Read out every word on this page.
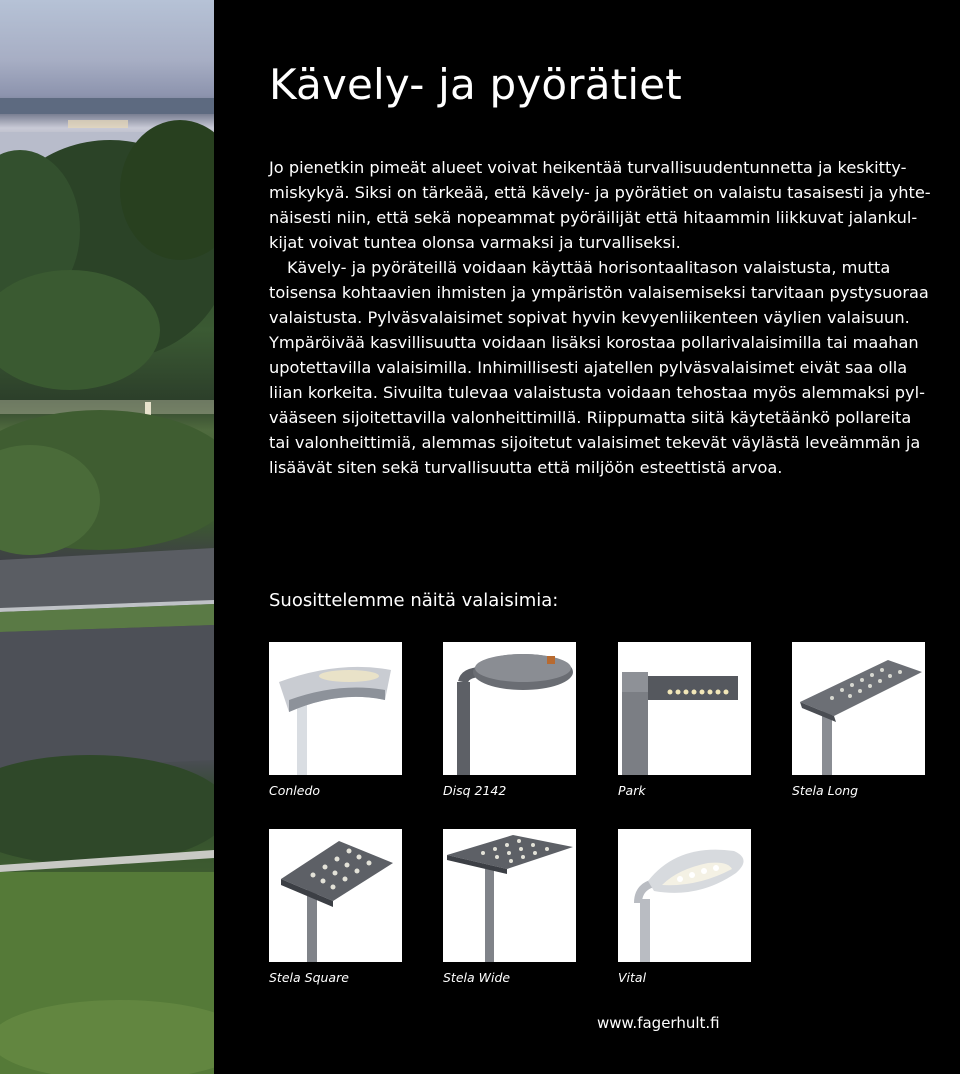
Kävely- ja pyörätiet

Jo pienetkin pimeät alueet voivat heikentää turvallisuudentunnetta ja keskitty-

miskykyä. Siksi on tärkeää, että kävely- ja pyörätiet on valaistu tasaisesti ja yhte-

näisesti niin, että sekä nopeammat pyöräilijät että hitaammin liikkuvat jalankul-

kijat voivat tuntea olonsa varmaksi ja turvalliseksi.

Kävely- ja pyöräteillä voidaan käyttää horisontaalitason valaistusta, mutta

toisensa kohtaavien ihmisten ja ympäristön valaisemiseksi tarvitaan pystysuoraa

valaistusta. Pylväsvalaisimet sopivat hyvin kevyenliikenteen väylien valaisuun.

Ympäröivää kasvillisuutta voidaan lisäksi korostaa pollarivalaisimilla tai maahan

upotettavilla valaisimilla. Inhimillisesti ajatellen pylväsvalaisimet eivät saa olla

liian korkeita. Sivuilta tulevaa valaistusta voidaan tehostaa myös alemmaksi pyl-

vääseen sijoitettavilla valonheittimillä. Riippumatta siitä käytetäänkö pollareita

tai valonheittimiä, alemmas sijoitetut valaisimet tekevät väylästä leveämmän ja

lisäävät siten sekä turvallisuutta että miljöön esteettistä arvoa.

Suosittelemme näitä valaisimia:
Conledo	Disq 2142	Park	Stela Long
Stela Square	Stela Wide	Vital
www.fagerhult.fi
